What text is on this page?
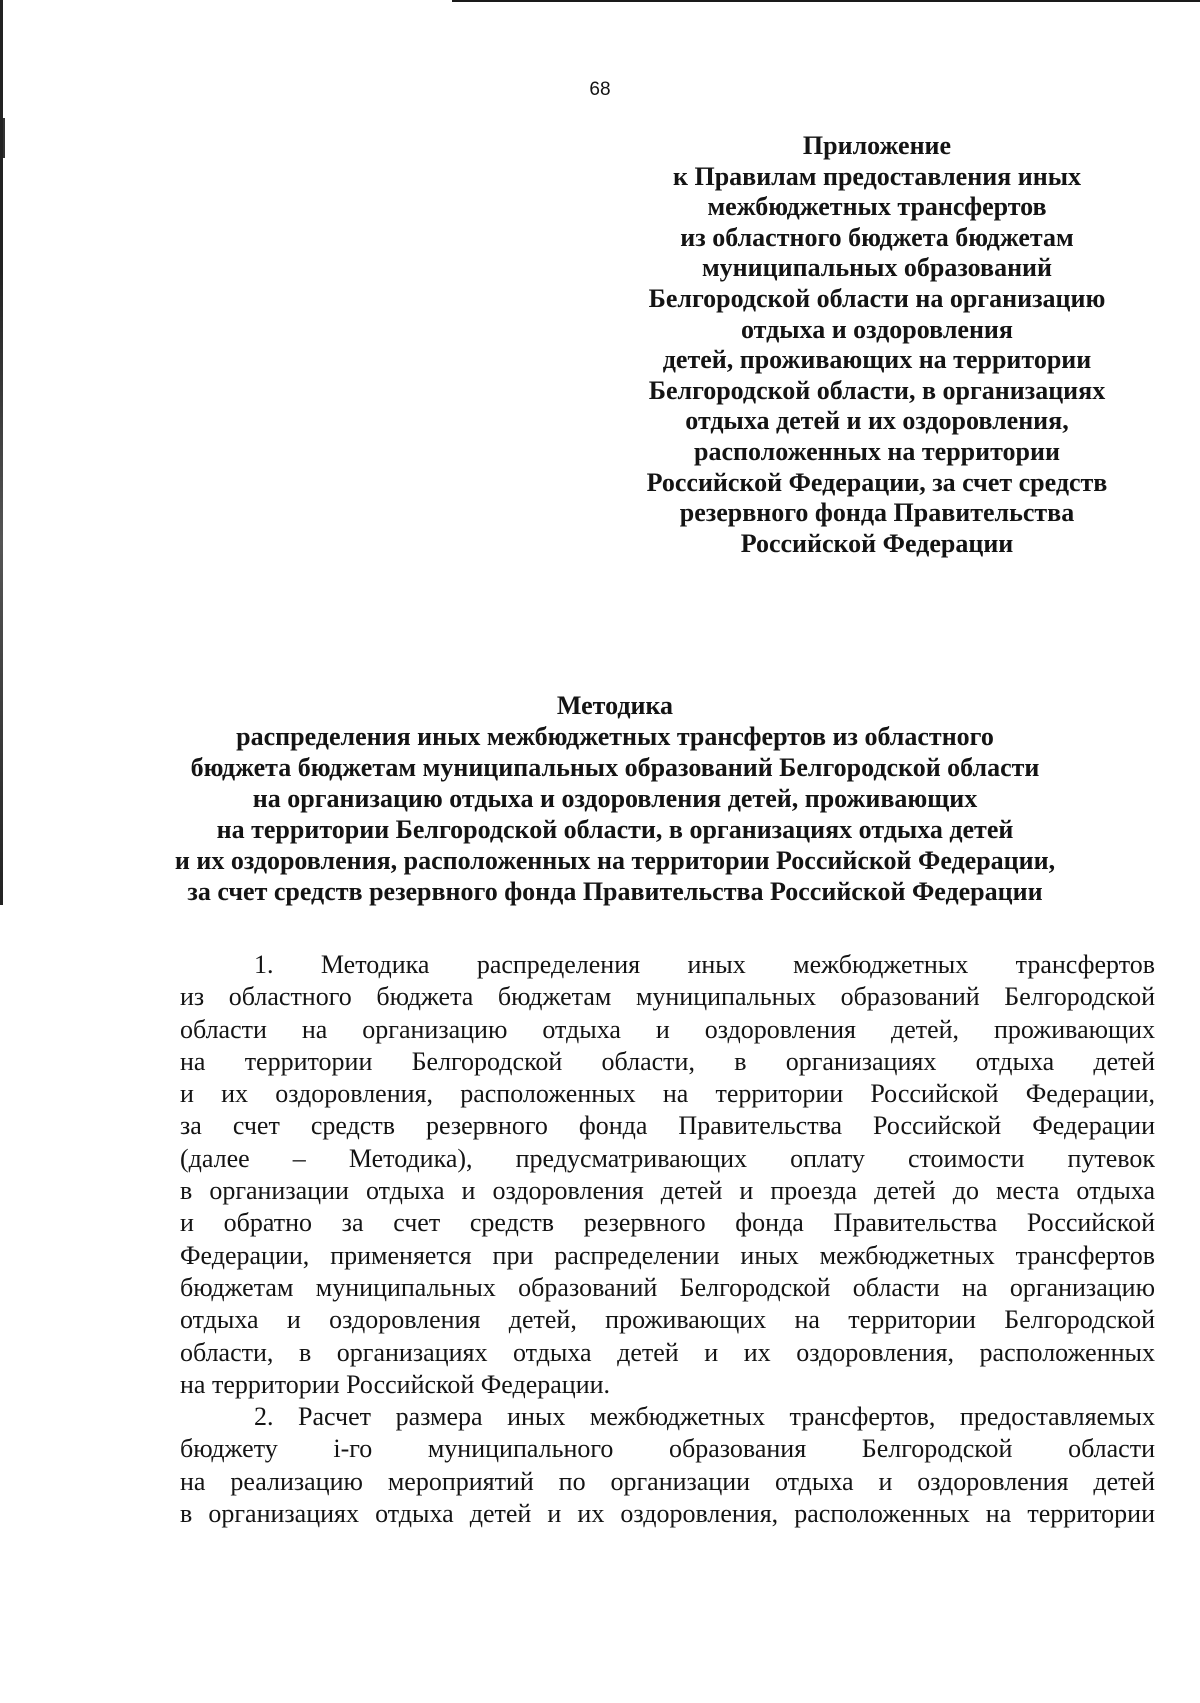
68
Приложение
к Правилам предоставления иных
межбюджетных трансфертов
из областного бюджета бюджетам
муниципальных образований
Белгородской области на организацию
отдыха и оздоровления
детей, проживающих на территории
Белгородской области, в организациях
отдыха детей и их оздоровления,
расположенных на территории
Российской Федерации, за счет средств
резервного фонда Правительства
Российской Федерации
Методика
распределения иных межбюджетных трансфертов из областного
бюджета бюджетам муниципальных образований Белгородской области
на организацию отдыха и оздоровления детей, проживающих
на территории Белгородской области, в организациях отдыха детей
и их оздоровления, расположенных на территории Российской Федерации,
за счет средств резервного фонда Правительства Российской Федерации
1. Методика распределения иных межбюджетных трансфертов
из областного бюджета бюджетам муниципальных образований Белгородской
области на организацию отдыха и оздоровления детей, проживающих
на территории Белгородской области, в организациях отдыха детей
и их оздоровления, расположенных на территории Российской Федерации,
за счет средств резервного фонда Правительства Российской Федерации
(далее – Методика), предусматривающих оплату стоимости путевок
в организации отдыха и оздоровления детей и проезда детей до места отдыха
и обратно за счет средств резервного фонда Правительства Российской
Федерации, применяется при распределении иных межбюджетных трансфертов
бюджетам муниципальных образований Белгородской области на организацию
отдыха и оздоровления детей, проживающих на территории Белгородской
области, в организациях отдыха детей и их оздоровления, расположенных
на территории Российской Федерации.
2. Расчет размера иных межбюджетных трансфертов, предоставляемых
бюджету i-го муниципального образования Белгородской области
на реализацию мероприятий по организации отдыха и оздоровления детей
в организациях отдыха детей и их оздоровления, расположенных на территории
